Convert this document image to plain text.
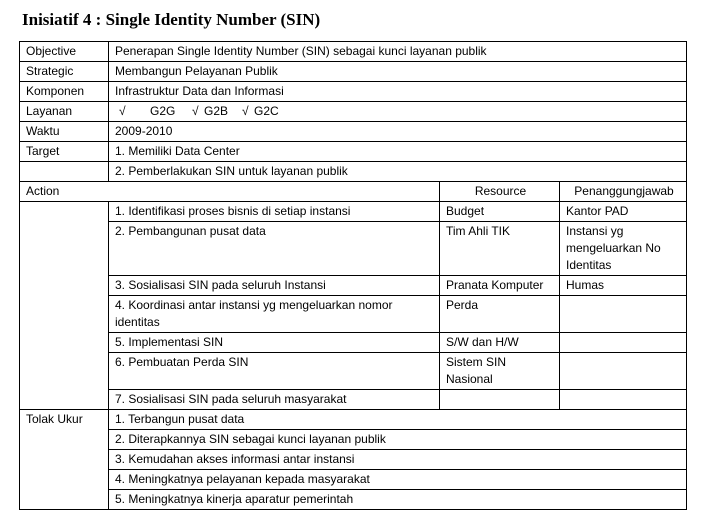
Inisiatif 4 : Single Identity Number (SIN)
Objective	Penerapan Single Identity Number (SIN) sebagai kunci layanan publik		
Strategic	Membangun Pelayanan Publik		
Komponen	Infrastruktur Data dan Informasi		
Layanan	√ G2G √ G2B √ G2C		
Waktu	2009-2010		
Target	1. Memiliki Data Center		
	2. Pemberlakukan SIN untuk layanan publik		
Action		Resource	Penanggungjawab
	1. Identifikasi proses bisnis di setiap instansi	Budget	Kantor PAD
	2. Pembangunan pusat data	Tim Ahli TIK	Instansi yg mengeluarkan No Identitas
	3. Sosialisasi SIN pada seluruh Instansi	Pranata Komputer	Humas
	4. Koordinasi antar instansi yg mengeluarkan nomor identitas	Perda	
	5. Implementasi SIN	S/W dan H/W	
	6. Pembuatan Perda SIN	Sistem SIN Nasional	
	7. Sosialisasi SIN pada seluruh masyarakat		
Tolak Ukur	1. Terbangun pusat data		
	2. Diterapkannya SIN sebagai kunci layanan publik		
	3. Kemudahan akses informasi antar instansi		
	4. Meningkatnya pelayanan kepada masyarakat		
	5. Meningkatnya kinerja aparatur pemerintah		
